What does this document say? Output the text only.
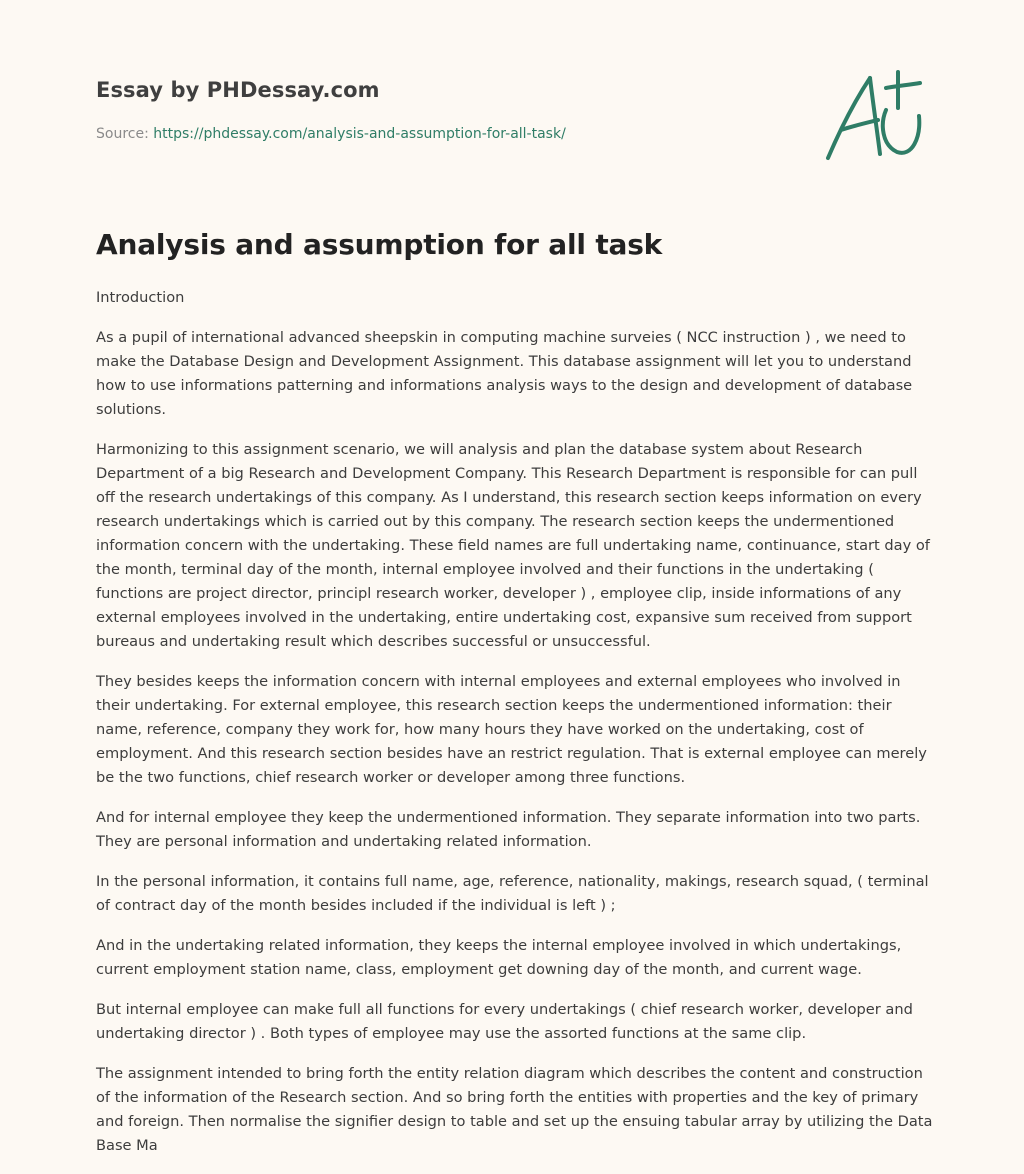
Essay by PHDessay.com
Source: https://phdessay.com/analysis-and-assumption-for-all-task/
Analysis and assumption for all task

Introduction

As a pupil of international advanced sheepskin in computing machine surveies ( NCC instruction ) , we need to make the Database Design and Development Assignment. This database assignment will let you to understand how to use informations patterning and informations analysis ways to the design and development of database solutions.

Harmonizing to this assignment scenario, we will analysis and plan the database system about Research Department of a big Research and Development Company. This Research Department is responsible for can pull off the research undertakings of this company. As I understand, this research section keeps information on every research undertakings which is carried out by this company. The research section keeps the undermentioned information concern with the undertaking. These field names are full undertaking name, continuance, start day of the month, terminal day of the month, internal employee involved and their functions in the undertaking ( functions are project director, principl research worker, developer ) , employee clip, inside informations of any external employees involved in the undertaking, entire undertaking cost, expansive sum received from support bureaus and undertaking result which describes successful or unsuccessful.

They besides keeps the information concern with internal employees and external employees who involved in their undertaking. For external employee, this research section keeps the undermentioned information: their name, reference, company they work for, how many hours they have worked on the undertaking, cost of employment. And this research section besides have an restrict regulation. That is external employee can merely be the two functions, chief research worker or developer among three functions.

And for internal employee they keep the undermentioned information. They separate information into two parts. They are personal information and undertaking related information.

In the personal information, it contains full name, age, reference, nationality, makings, research squad, ( terminal of contract day of the month besides included if the individual is left ) ;

And in the undertaking related information, they keeps the internal employee involved in which undertakings, current employment station name, class, employment get downing day of the month, and current wage.

But internal employee can make full all functions for every undertakings ( chief research worker, developer and undertaking director ) . Both types of employee may use the assorted functions at the same clip.

The assignment intended to bring forth the entity relation diagram which describes the content and construction of the information of the Research section. And so bring forth the entities with properties and the key of primary and foreign. Then normalise the signifier design to table and set up the ensuing tabular array by utilizing the Data Base Ma
